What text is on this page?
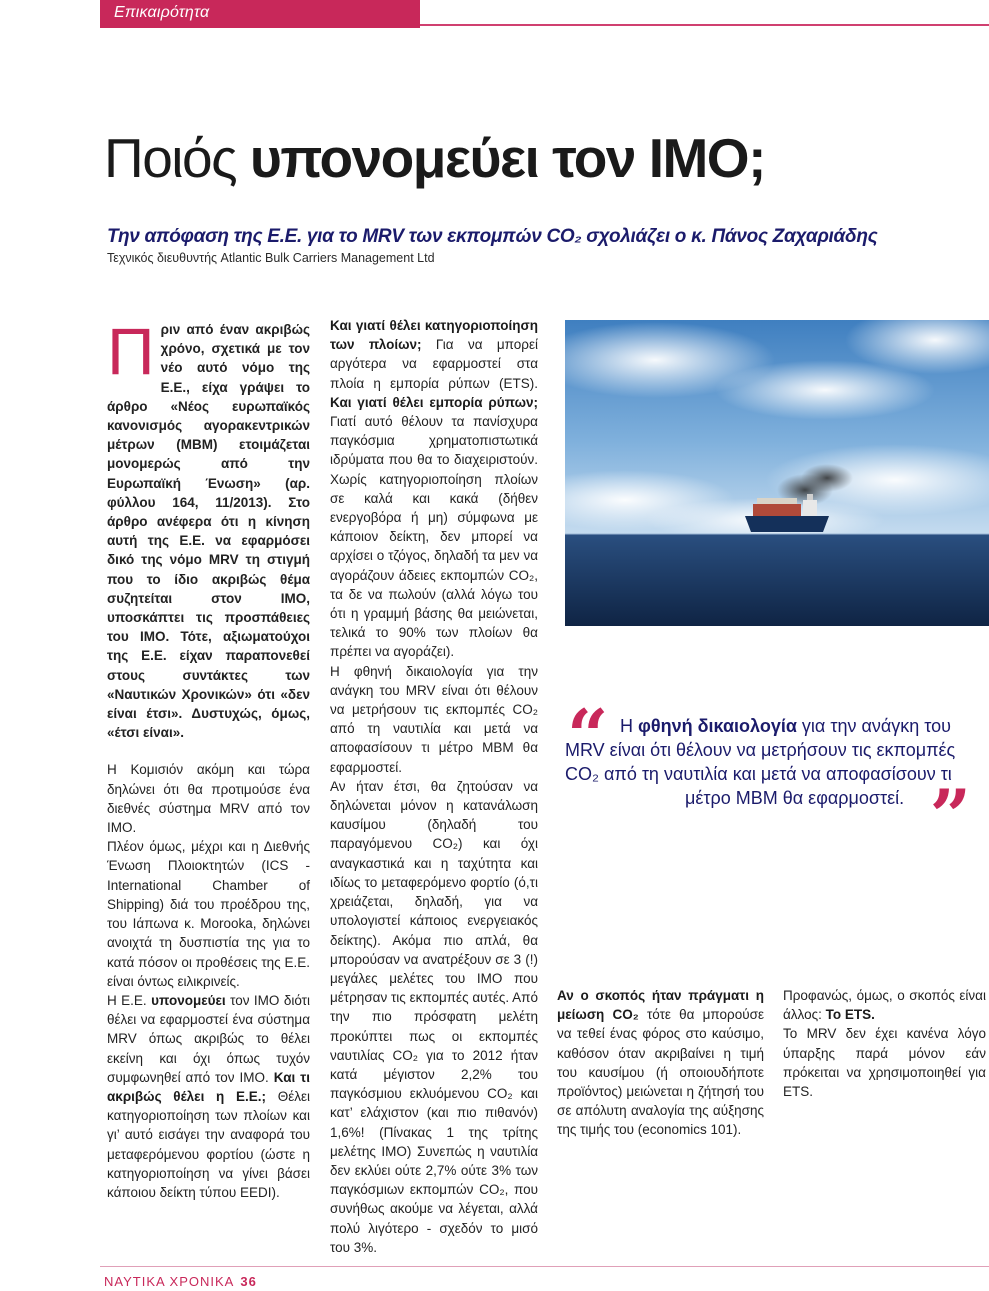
Επικαιρότητα
Ποιός υπονομεύει τον IMO;
Την απόφαση της Ε.Ε. για το MRV των εκπομπών CO₂ σχολιάζει ο κ. Πάνος Ζαχαριάδης
Τεχνικός διευθυντής Atlantic Bulk Carriers Management Ltd

Πριν από έναν ακριβώς χρόνο, σχετικά με τον νέο αυτό νόμο της Ε.Ε., είχα γράψει το άρθρο «Νέος ευρωπαϊκός κανονισμός αγορακεντρικών μέτρων (MBM) ετοιμάζεται μονομερώς από την Ευρωπαϊκή Ένωση» (αρ. φύλλου 164, 11/2013). Στο άρθρο ανέφερα ότι η κίνηση αυτή της Ε.Ε. να εφαρμόσει δικό της νόμο MRV τη στιγμή που το ίδιο ακριβώς θέμα συζητείται στον IMO, υποσκάπτει τις προσπάθειες του IMO. Τότε, αξιωματούχοι της Ε.Ε. είχαν παραπονεθεί στους συντάκτες των «Ναυτικών Χρονικών» ότι «δεν είναι έτσι». Δυστυχώς, όμως, «έτσι είναι».

Η Κομισιόν ακόμη και τώρα δηλώνει ότι θα προτιμούσε ένα διεθνές σύστημα MRV από τον IMO.

Πλέον όμως, μέχρι και η Διεθνής Ένωση Πλοιοκτητών (ICS - International Chamber of Shipping) διά του προέδρου της, του Ιάπωνα κ. Morooka, δηλώνει ανοιχτά τη δυσπιστία της για το κατά πόσον οι προθέσεις της Ε.Ε. είναι όντως ειλικρινείς.

Η Ε.Ε. υπονομεύει τον IMO διότι θέλει να εφαρμοστεί ένα σύστημα MRV όπως ακριβώς το θέλει εκείνη και όχι όπως τυχόν συμφωνηθεί από τον IMO. Και τι ακριβώς θέλει η Ε.Ε.; Θέλει κατηγοριοποίηση των πλοίων και γι’ αυτό εισάγει την αναφορά του μεταφερόμενου φορτίου (ώστε η κατηγοριοποίηση να γίνει βάσει κάποιου δείκτη τύπου EEDI).

Και γιατί θέλει κατηγοριοποίηση των πλοίων; Για να μπορεί αργότερα να εφαρμοστεί στα πλοία η εμπορία ρύπων (ETS). Και γιατί θέλει εμπορία ρύπων; Γιατί αυτό θέλουν τα πανίσχυρα παγκόσμια χρηματοπιστωτικά ιδρύματα που θα το διαχειριστούν. Χωρίς κατηγοριοποίηση πλοίων σε καλά και κακά (δήθεν ενεργοβόρα ή μη) σύμφωνα με κάποιον δείκτη, δεν μπορεί να αρχίσει ο τζόγος, δηλαδή τα μεν να αγοράζουν άδειες εκπομπών CO₂, τα δε να πωλούν (αλλά λόγω του ότι η γραμμή βάσης θα μειώνεται, τελικά το 90% των πλοίων θα πρέπει να αγοράζει).

Η φθηνή δικαιολογία για την ανάγκη του MRV είναι ότι θέλουν να μετρήσουν τις εκπομπές CO₂ από τη ναυτιλία και μετά να αποφασίσουν τι μέτρο MBM θα εφαρμοστεί.

Αν ήταν έτσι, θα ζητούσαν να δηλώνεται μόνον η κατανάλωση καυσίμου (δηλαδή του παραγόμενου CO₂) και όχι αναγκαστικά και η ταχύτητα και ιδίως το μεταφερόμενο φορτίο (ό,τι χρειάζεται, δηλαδή, για να υπολογιστεί κάποιος ενεργειακός δείκτης). Ακόμα πιο απλά, θα μπορούσαν να ανατρέξουν σε 3 (!) μεγάλες μελέτες του IMO που μέτρησαν τις εκπομπές αυτές. Από την πιο πρόσφατη μελέτη προκύπτει πως οι εκπομπές ναυτιλίας CO₂ για το 2012 ήταν κατά μέγιστον 2,2% του παγκόσμιου εκλυόμενου CO₂ και κατ’ ελάχιστον (και πιο πιθανόν) 1,6%! (Πίνακας 1 της τρίτης μελέτης IMO) Συνεπώς η ναυτιλία δεν εκλύει ούτε 2,7% ούτε 3% των παγκόσμιων εκπομπών CO₂, που συνήθως ακούμε να λέγεται, αλλά πολύ λιγότερο - σχεδόν το μισό του 3%.

“ Η φθηνή δικαιολογία για την ανάγκη του
MRV είναι ότι θέλουν να μετρήσουν τις εκπομπές
CO₂ από τη ναυτιλία και μετά να αποφασίσουν τι
μέτρο MBM θα εφαρμοστεί. ”

Αν ο σκοπός ήταν πράγματι η μείωση CO₂ τότε θα μπορούσε να τεθεί ένας φόρος στο καύσιμο, καθόσον όταν ακριβαίνει η τιμή του καυσίμου (ή οποιουδήποτε προϊόντος) μειώνεται η ζήτησή του σε απόλυτη αναλογία της αύξησης της τιμής του (economics 101).

Προφανώς, όμως, ο σκοπός είναι άλλος: Το ETS.

Το MRV δεν έχει κανένα λόγο ύπαρξης παρά μόνον εάν πρόκειται να χρησιμοποιηθεί για ETS.

ΝΑΥΤΙΚΑ ΧΡΟΝΙΚΑ 36
